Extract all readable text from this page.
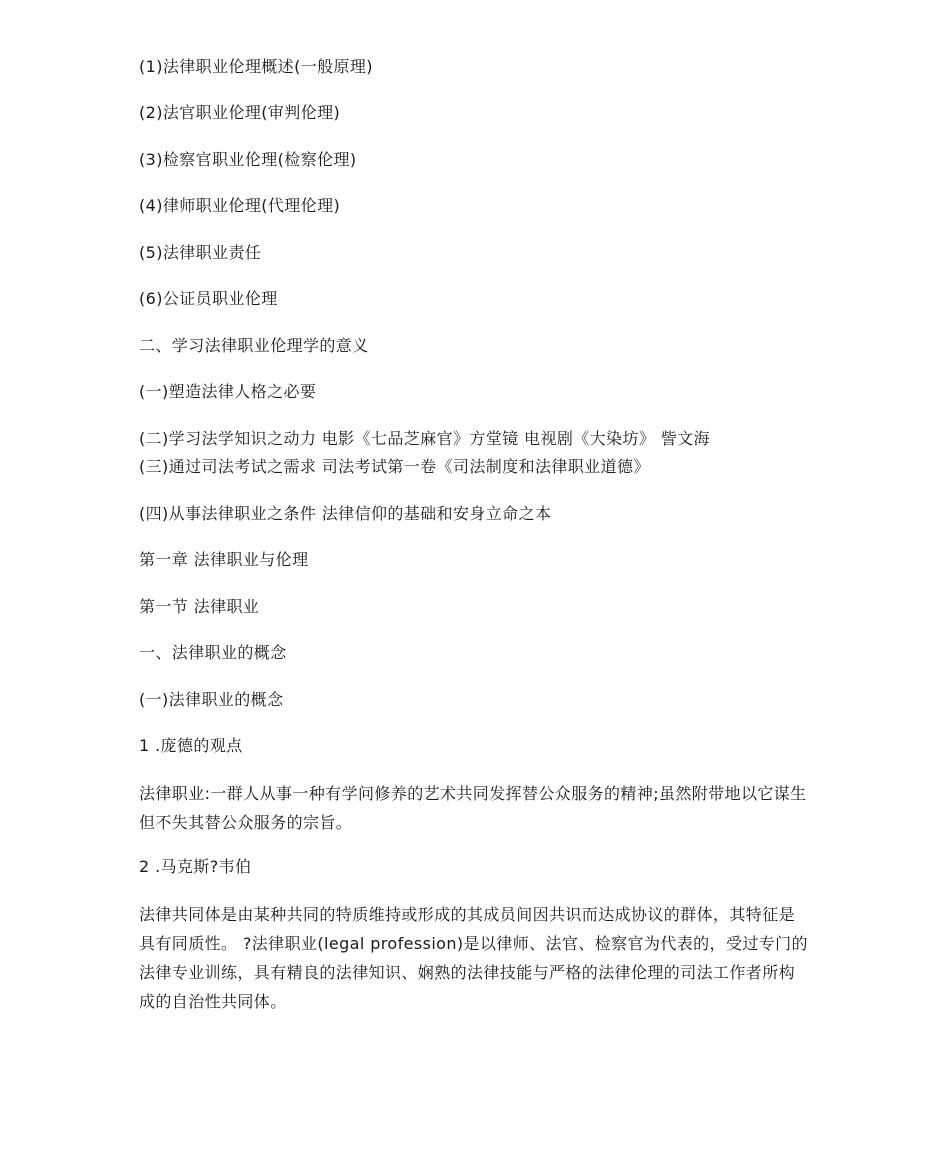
(1)法律职业伦理概述(一般原理)
(2)法官职业伦理(审判伦理)
(3)检察官职业伦理(检察伦理)
(4)律师职业伦理(代理伦理)
(5)法律职业责任
(6)公证员职业伦理
二、学习法律职业伦理学的意义
(一)塑造法律人格之必要
(二)学习法学知识之动力 电影《七品芝麻官》方堂镜 电视剧《大染坊》 訾文海
(三)通过司法考试之需求 司法考试第一卷《司法制度和法律职业道德》
(四)从事法律职业之条件 法律信仰的基础和安身立命之本
第一章 法律职业与伦理
第一节 法律职业
一、法律职业的概念
(一)法律职业的概念
1 .庞德的观点
法律职业:一群人从事一种有学问修养的艺术共同发挥替公众服务的精神;虽然附带地以它谋生但不失其替公众服务的宗旨。
2 .马克斯?韦伯
法律共同体是由某种共同的特质维持或形成的其成员间因共识而达成协议的群体，其特征是具有同质性。 ?法律职业(legal profession)是以律师、法官、检察官为代表的，受过专门的法律专业训练，具有精良的法律知识、娴熟的法律技能与严格的法律伦理的司法工作者所构成的自治性共同体。
